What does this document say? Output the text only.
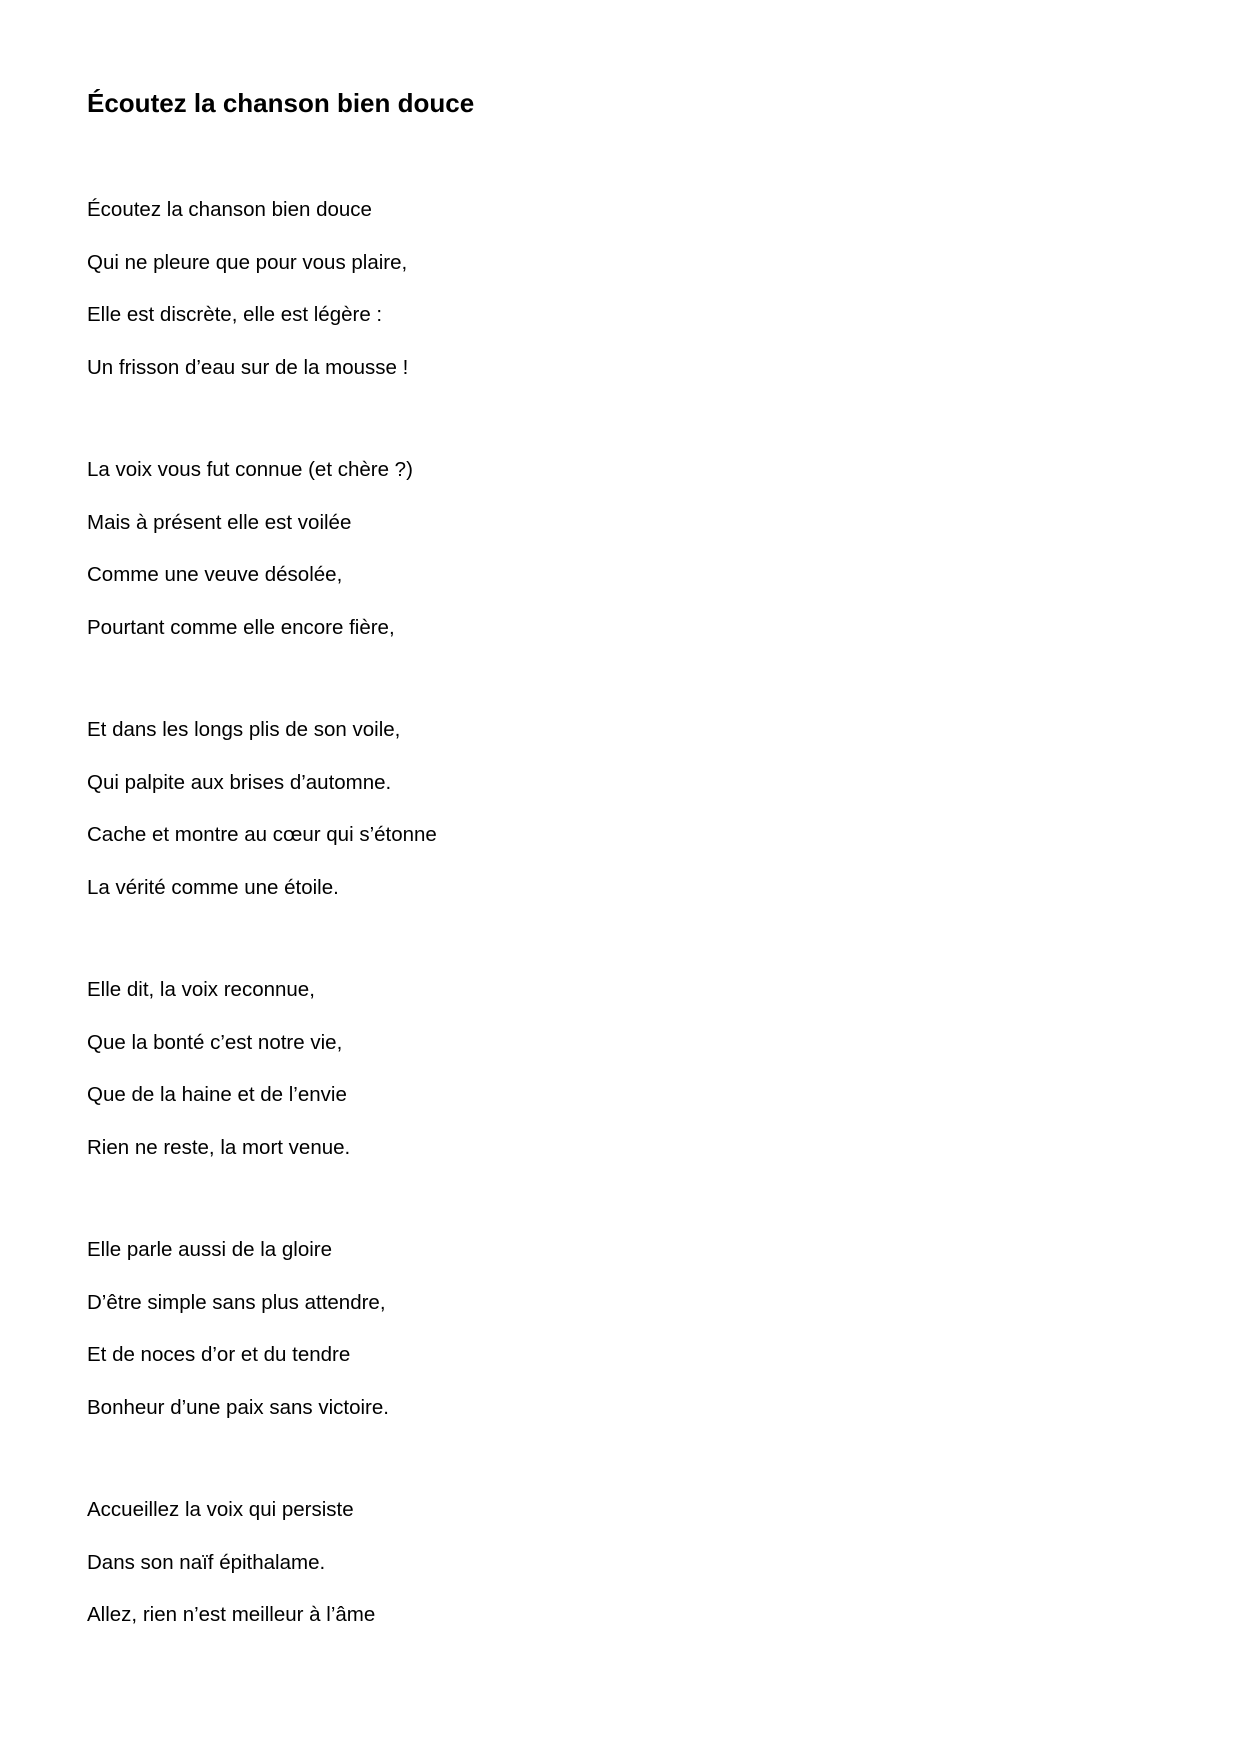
Écoutez la chanson bien douce
Écoutez la chanson bien douce
Qui ne pleure que pour vous plaire,
Elle est discrète, elle est légère :
Un frisson d’eau sur de la mousse !
La voix vous fut connue (et chère ?)
Mais à présent elle est voilée
Comme une veuve désolée,
Pourtant comme elle encore fière,
Et dans les longs plis de son voile,
Qui palpite aux brises d’automne.
Cache et montre au cœur qui s’étonne
La vérité comme une étoile.
Elle dit, la voix reconnue,
Que la bonté c’est notre vie,
Que de la haine et de l’envie
Rien ne reste, la mort venue.
Elle parle aussi de la gloire
D’être simple sans plus attendre,
Et de noces d’or et du tendre
Bonheur d’une paix sans victoire.
Accueillez la voix qui persiste
Dans son naïf épithalame.
Allez, rien n’est meilleur à l’âme
